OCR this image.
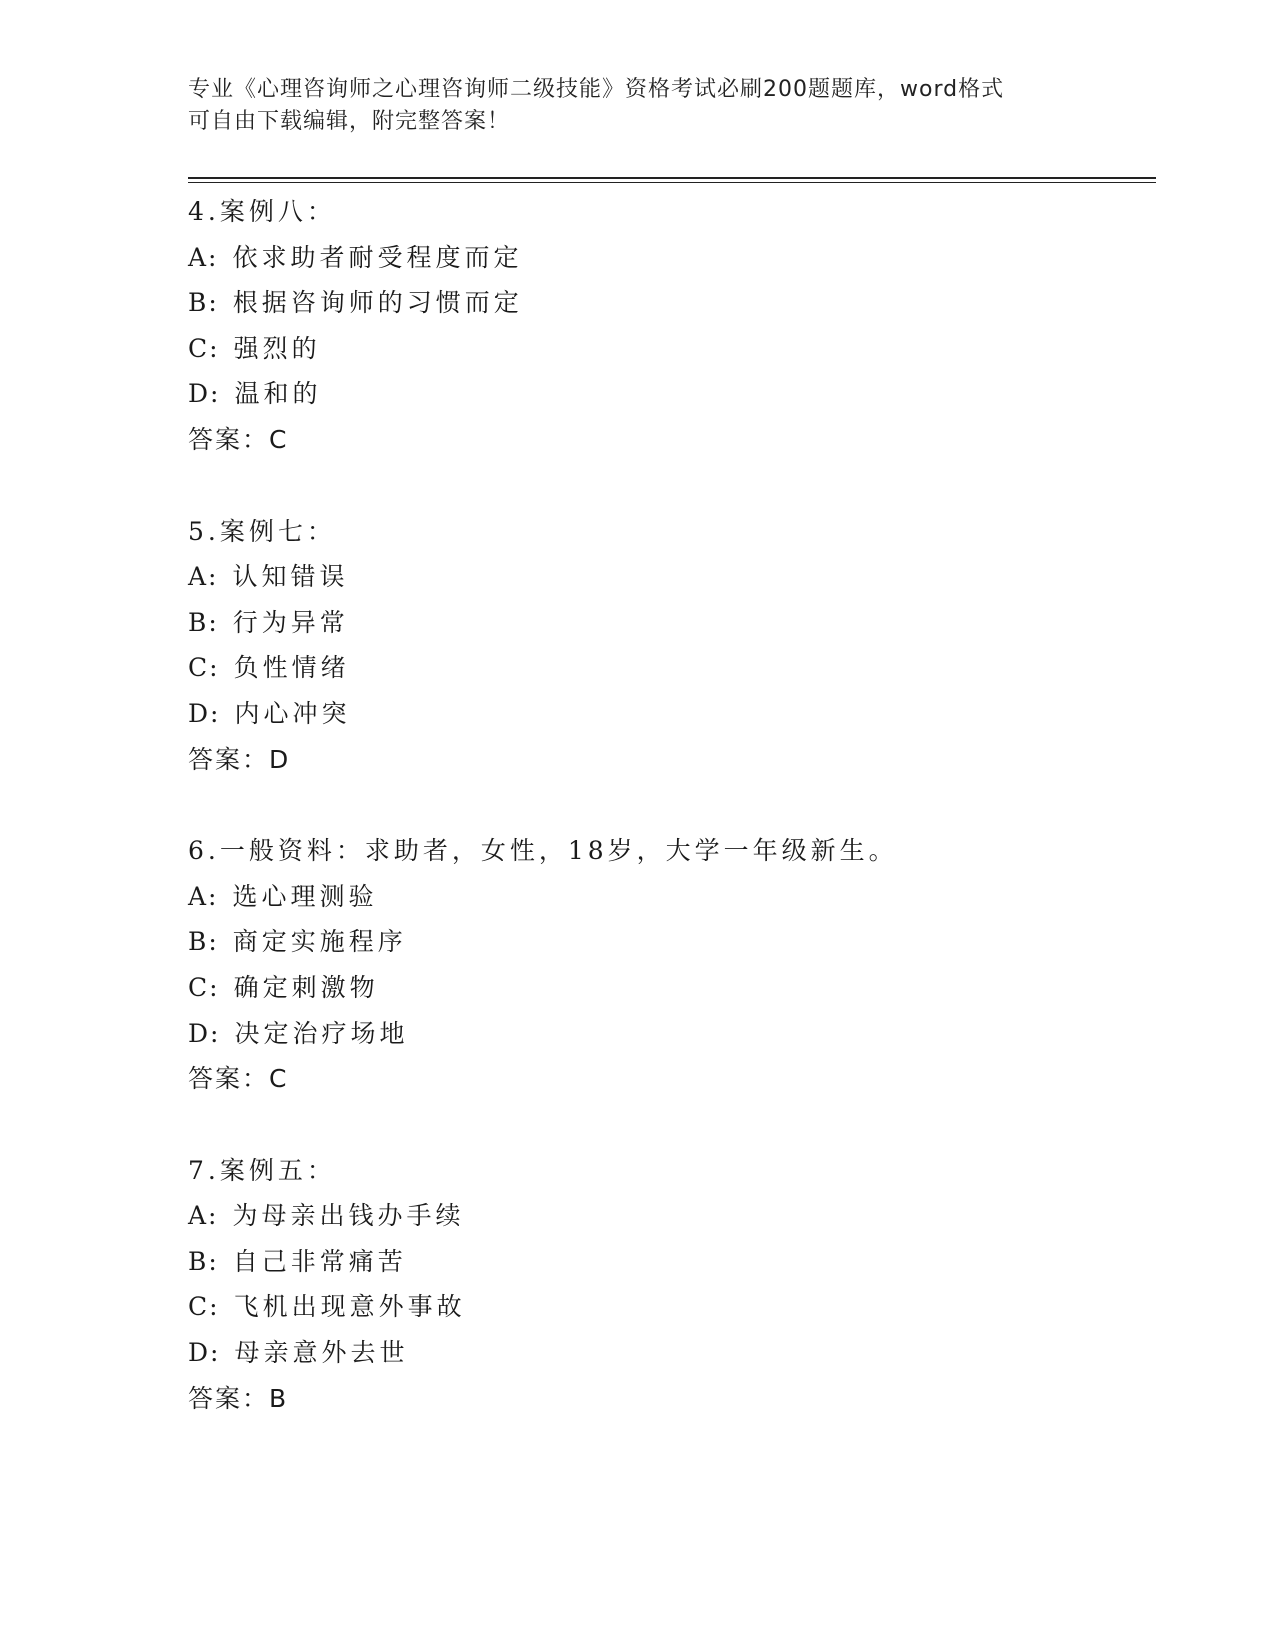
专业《心理咨询师之心理咨询师二级技能》资格考试必刷200题题库，word格式
可自由下载编辑，附完整答案！
4.案例八：
A: 依求助者耐受程度而定
B: 根据咨询师的习惯而定
C: 强烈的
D: 温和的
答案：C
5.案例七：
A: 认知错误
B: 行为异常
C: 负性情绪
D: 内心冲突
答案：D
6.一般资料：求助者，女性，18岁，大学一年级新生。
A: 选心理测验
B: 商定实施程序
C: 确定刺激物
D: 决定治疗场地
答案：C
7.案例五：
A: 为母亲出钱办手续
B: 自己非常痛苦
C: 飞机出现意外事故
D: 母亲意外去世
答案：B
